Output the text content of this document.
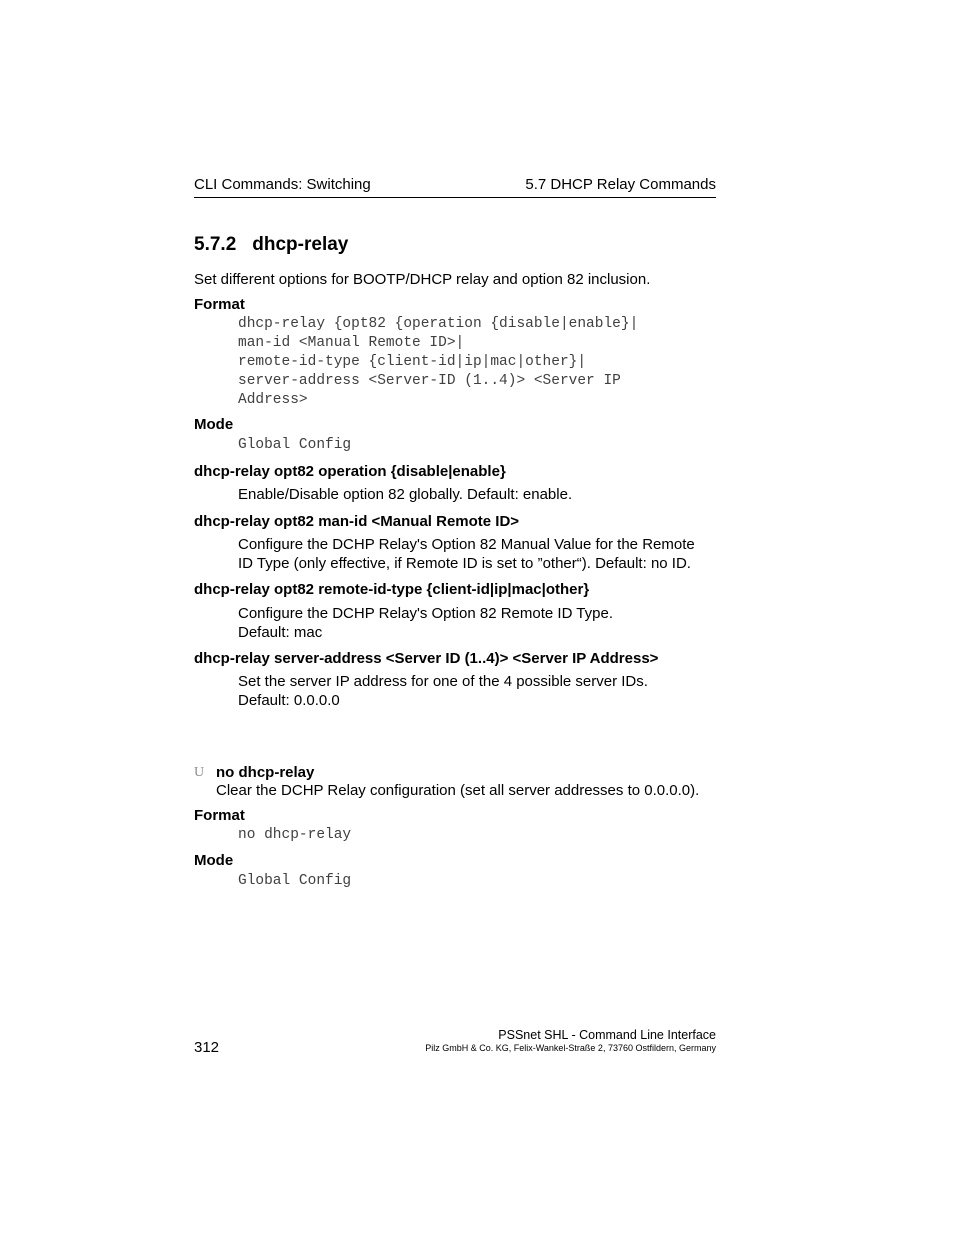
CLI Commands: Switching	5.7 DHCP Relay Commands
5.7.2 dhcp-relay
Set different options for BOOTP/DHCP relay and option 82 inclusion.
Format
dhcp-relay {opt82 {operation {disable|enable}|
man-id <Manual Remote ID>|
remote-id-type {client-id|ip|mac|other}|
server-address <Server-ID (1..4)> <Server IP
Address>
Mode
Global Config
dhcp-relay opt82 operation {disable|enable}
Enable/Disable option 82 globally. Default: enable.
dhcp-relay opt82 man-id <Manual Remote ID>
Configure the DCHP Relay's Option 82 Manual Value for the Remote
ID Type (only effective, if Remote ID is set to ”other“). Default: no ID.
dhcp-relay opt82 remote-id-type {client-id|ip|mac|other}
Configure the DCHP Relay's Option 82 Remote ID Type.
Default: mac
dhcp-relay server-address <Server ID (1..4)> <Server IP Address>
Set the server IP address for one of the 4 possible server IDs.
Default: 0.0.0.0
U no dhcp-relay
Clear the DCHP Relay configuration (set all server addresses to 0.0.0.0).
Format
no dhcp-relay
Mode
Global Config
312
PSSnet SHL - Command Line Interface
Pilz GmbH & Co. KG, Felix-Wankel-Straße 2, 73760 Ostfildern, Germany
